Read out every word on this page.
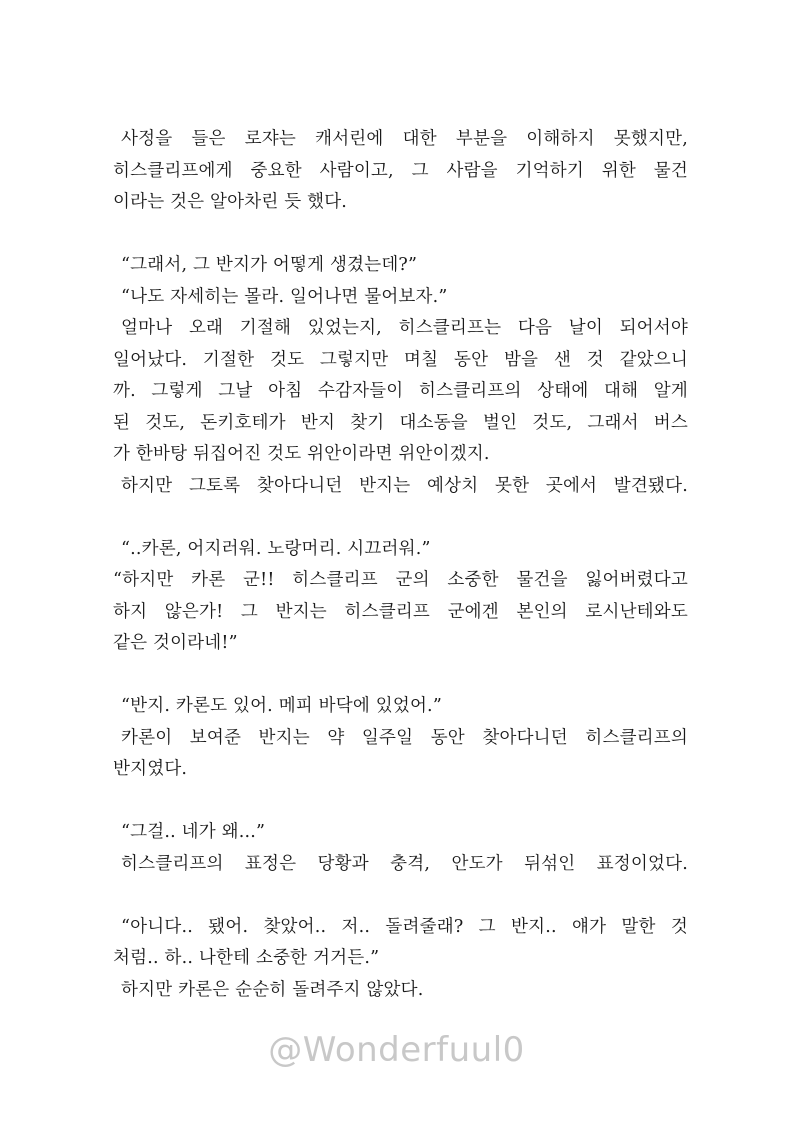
사정을 들은 로쟈는 캐서린에 대한 부분을 이해하지 못했지만,
히스클리프에게 중요한 사람이고, 그 사람을 기억하기 위한 물건
이라는 것은 알아차린 듯 했다.
“그래서, 그 반지가 어떻게 생겼는데?”
“나도 자세히는 몰라. 일어나면 물어보자.”
얼마나 오래 기절해 있었는지, 히스클리프는 다음 날이 되어서야
일어났다. 기절한 것도 그렇지만 며칠 동안 밤을 샌 것 같았으니
까. 그렇게 그날 아침 수감자들이 히스클리프의 상태에 대해 알게
된 것도, 돈키호테가 반지 찾기 대소동을 벌인 것도, 그래서 버스
가 한바탕 뒤집어진 것도 위안이라면 위안이겠지.
하지만 그토록 찾아다니던 반지는 예상치 못한 곳에서 발견됐다.
“..카론, 어지러워. 노랑머리. 시끄러워.”
“하지만 카론 군!! 히스클리프 군의 소중한 물건을 잃어버렸다고
하지 않은가! 그 반지는 히스클리프 군에겐 본인의 로시난테와도
같은 것이라네!”
“반지. 카론도 있어. 메피 바닥에 있었어.”
카론이 보여준 반지는 약 일주일 동안 찾아다니던 히스클리프의
반지였다.
“그걸.. 네가 왜...”
히스클리프의 표정은 당황과 충격, 안도가 뒤섞인 표정이었다.
“아니다.. 됐어. 찾았어.. 저.. 돌려줄래? 그 반지.. 얘가 말한 것
처럼.. 하.. 나한테 소중한 거거든.”
하지만 카론은 순순히 돌려주지 않았다.
@Wonderfuul0
